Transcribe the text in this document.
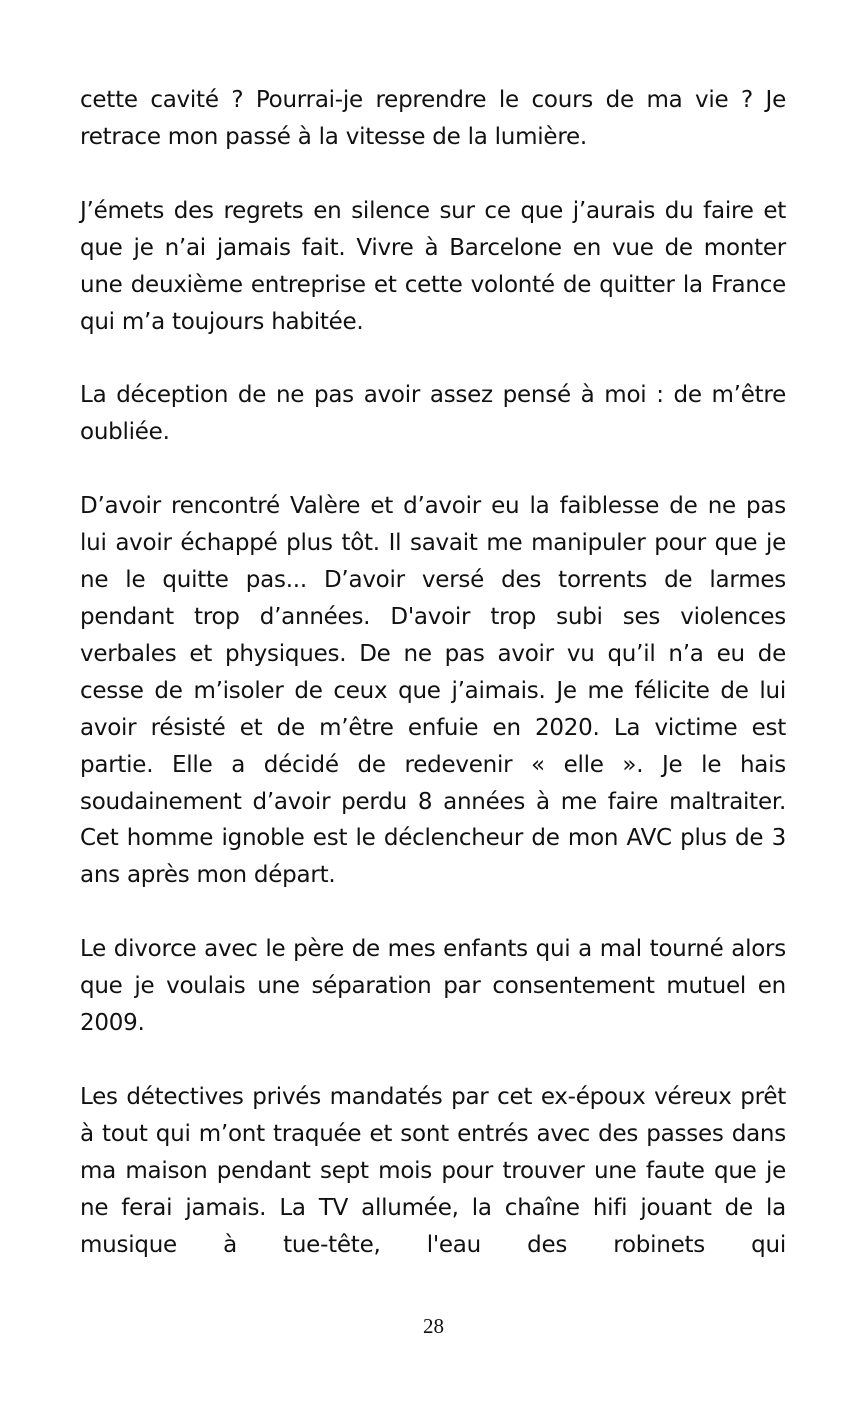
cette cavité ? Pourrai-je reprendre le cours de ma vie ? Je retrace mon passé à la vitesse de la lumière.

J’émets des regrets en silence sur ce que j’aurais du faire et que je n’ai jamais fait. Vivre à Barcelone en vue de monter une deuxième entreprise et cette volonté de quitter la France qui m’a toujours habitée.

La déception de ne pas avoir assez pensé à moi : de m’être oubliée.

D’avoir rencontré Valère et d’avoir eu la faiblesse de ne pas lui avoir échappé plus tôt. Il savait me manipuler pour que je ne le quitte pas... D’avoir versé des torrents de larmes pendant trop d’années. D'avoir trop subi ses violences verbales et physiques. De ne pas avoir vu qu’il n’a eu de cesse de m’isoler de ceux que j’aimais. Je me félicite de lui avoir résisté et de m’être enfuie en 2020. La victime est partie. Elle a décidé de redevenir « elle ». Je le hais soudainement d’avoir perdu 8 années à me faire maltraiter. Cet homme ignoble est le déclencheur de mon AVC plus de 3 ans après mon départ.

Le divorce avec le père de mes enfants qui a mal tourné alors que je voulais une séparation par consentement mutuel en 2009.

Les détectives privés mandatés par cet ex-époux véreux prêt à tout qui m’ont traquée et sont entrés avec des passes dans ma maison pendant sept mois pour trouver une faute que je ne ferai jamais. La TV allumée, la chaîne hifi jouant de la musique à tue-tête, l'eau des robinets qui

28
